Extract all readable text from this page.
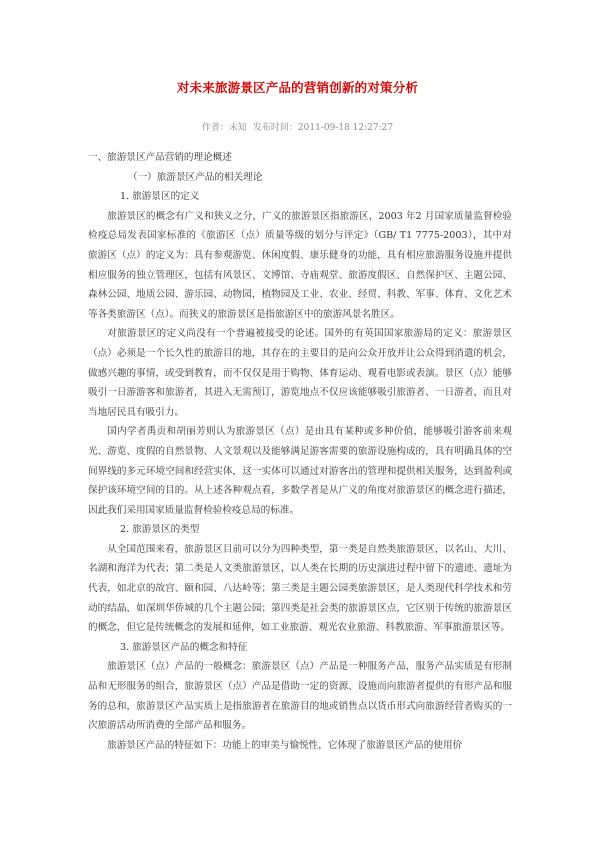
对未来旅游景区产品的营销创新的对策分析
作者：未知 发布时间：2011-09-18 12:27:27

一、旅游景区产品营销的理论概述

（一）旅游景区产品的相关理论

1. 旅游景区的定义

旅游景区的概念有广义和狭义之分，广义的旅游景区指旅游区，2003 年2 月国家质量监督检验检疫总局发表国家标准的《旅游区（点）质量等级的划分与评定》（GB/ T1 7775-2003），其中对旅游区（点）的定义为：具有参观游览、休闲度假、康乐健身的功能，具有相应旅游服务设施并提供相应服务的独立管理区，包括有风景区、文博馆、寺庙观堂、旅游度假区、自然保护区、主题公园、森林公园、地质公园、游乐园、动物园，植物园及工业、农业、经贸、科教、军事、体育、文化艺术等各类旅游区（点）。而狭义的旅游景区是指旅游区中的旅游风景名胜区。

对旅游景区的定义尚没有一个普遍被接受的论述。国外的有英国国家旅游局的定义：旅游景区（点）必须是一个长久性的旅游目的地，其存在的主要目的是向公众开放并让公众得到消遣的机会，做感兴趣的事情，或受到教育，而不仅仅是用于购物、体育运动、观看电影或表演。景区（点）能够吸引一日游游客和旅游者，其进入无需预订，游览地点不仅应该能够吸引旅游者、一日游者，而且对当地居民具有吸引力。

国内学者禹贡和胡丽芳则认为旅游景区（点）是由具有某种或多种价值，能够吸引游客前来观光、游览、度假的自然景物、人文景观以及能够满足游客需要的旅游设施构成的，具有明确具体的空间界线的多元环境空间和经营实体，这一实体可以通过对游客出的管理和提供相关服务，达到盈利或保护该环境空间的目的。从上述各种观点看，多数学者是从广义的角度对旅游景区的概念进行描述，因此我们采用国家质量监督检验检疫总局的标准。

2. 旅游景区的类型

从全国范围来看，旅游景区目前可以分为四种类型，第一类是自然类旅游景区，以名山、大川、名湖和海洋为代表；第二类是人文类旅游景区，以人类在长期的历史演进过程中留下的遗迹、遗址为代表，如北京的故宫、颐和园、八达岭等；第三类是主题公园类旅游景区，是人类现代科学技术和劳动的结晶，如深圳华侨城的几个主题公园；第四类是社会类的旅游景区点，它区别于传统的旅游景区的概念，但它是传统概念的发展和延伸，如工业旅游、观光农业旅游、科教旅游、军事旅游景区等。

3. 旅游景区产品的概念和特征

旅游景区（点）产品的一般概念：旅游景区（点）产品是一种服务产品，服务产品实质是有形制品和无形服务的组合，旅游景区（点）产品是借助一定的资源、设施而向旅游者提供的有形产品和服务的总和，旅游景区产品实质上是指旅游者在旅游目的地或销售点以货币形式向旅游经营者购买的一次旅游活动所消费的全部产品和服务。

旅游景区产品的特征如下：功能上的审美与愉悦性，它体现了旅游景区产品的使用价
